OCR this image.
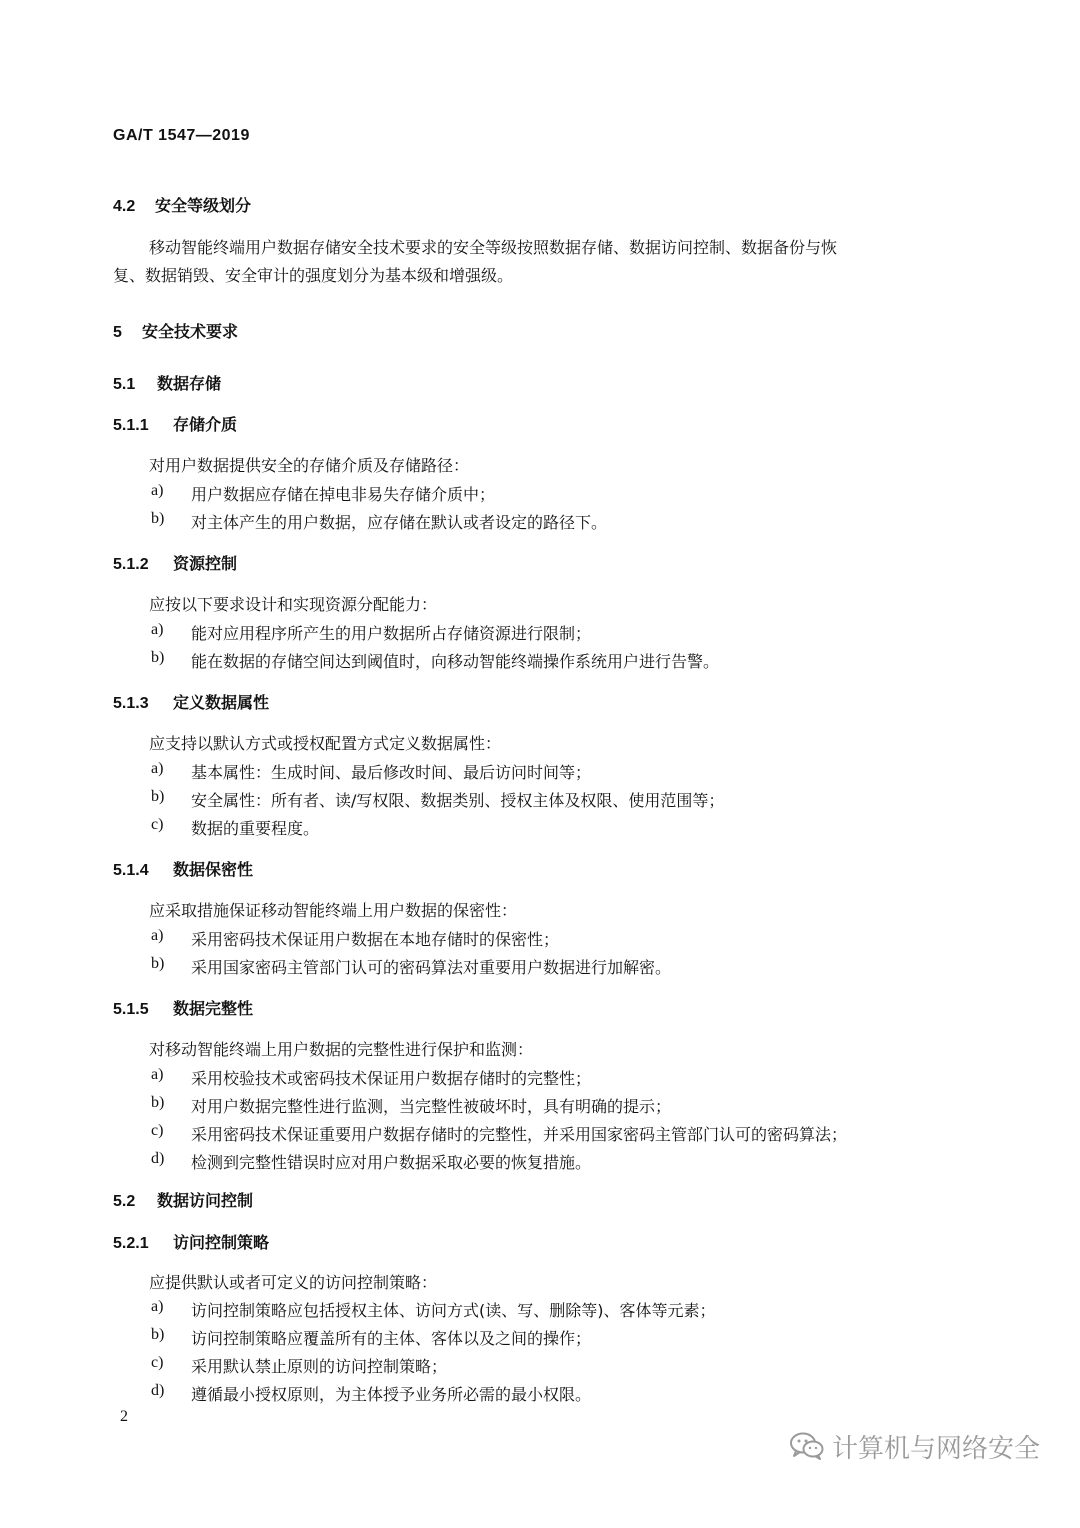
GA/T 1547—2019
4.2 安全等级划分
移动智能终端用户数据存储安全技术要求的安全等级按照数据存储、数据访问控制、数据备份与恢
复、数据销毁、安全审计的强度划分为基本级和增强级。
5 安全技术要求
5.1 数据存储
5.1.1 存储介质
对用户数据提供安全的存储介质及存储路径：
a) 用户数据应存储在掉电非易失存储介质中；
b) 对主体产生的用户数据，应存储在默认或者设定的路径下。
5.1.2 资源控制
应按以下要求设计和实现资源分配能力：
a) 能对应用程序所产生的用户数据所占存储资源进行限制；
b) 能在数据的存储空间达到阈值时，向移动智能终端操作系统用户进行告警。
5.1.3 定义数据属性
应支持以默认方式或授权配置方式定义数据属性：
a) 基本属性：生成时间、最后修改时间、最后访问时间等；
b) 安全属性：所有者、读/写权限、数据类别、授权主体及权限、使用范围等；
c) 数据的重要程度。
5.1.4 数据保密性
应采取措施保证移动智能终端上用户数据的保密性：
a) 采用密码技术保证用户数据在本地存储时的保密性；
b) 采用国家密码主管部门认可的密码算法对重要用户数据进行加解密。
5.1.5 数据完整性
对移动智能终端上用户数据的完整性进行保护和监测：
a) 采用校验技术或密码技术保证用户数据存储时的完整性；
b) 对用户数据完整性进行监测，当完整性被破坏时，具有明确的提示；
c) 采用密码技术保证重要用户数据存储时的完整性，并采用国家密码主管部门认可的密码算法；
d) 检测到完整性错误时应对用户数据采取必要的恢复措施。
5.2 数据访问控制
5.2.1 访问控制策略
应提供默认或者可定义的访问控制策略：
a) 访问控制策略应包括授权主体、访问方式(读、写、删除等)、客体等元素；
b) 访问控制策略应覆盖所有的主体、客体以及之间的操作；
c) 采用默认禁止原则的访问控制策略；
d) 遵循最小授权原则，为主体授予业务所必需的最小权限。
2
计算机与网络安全
